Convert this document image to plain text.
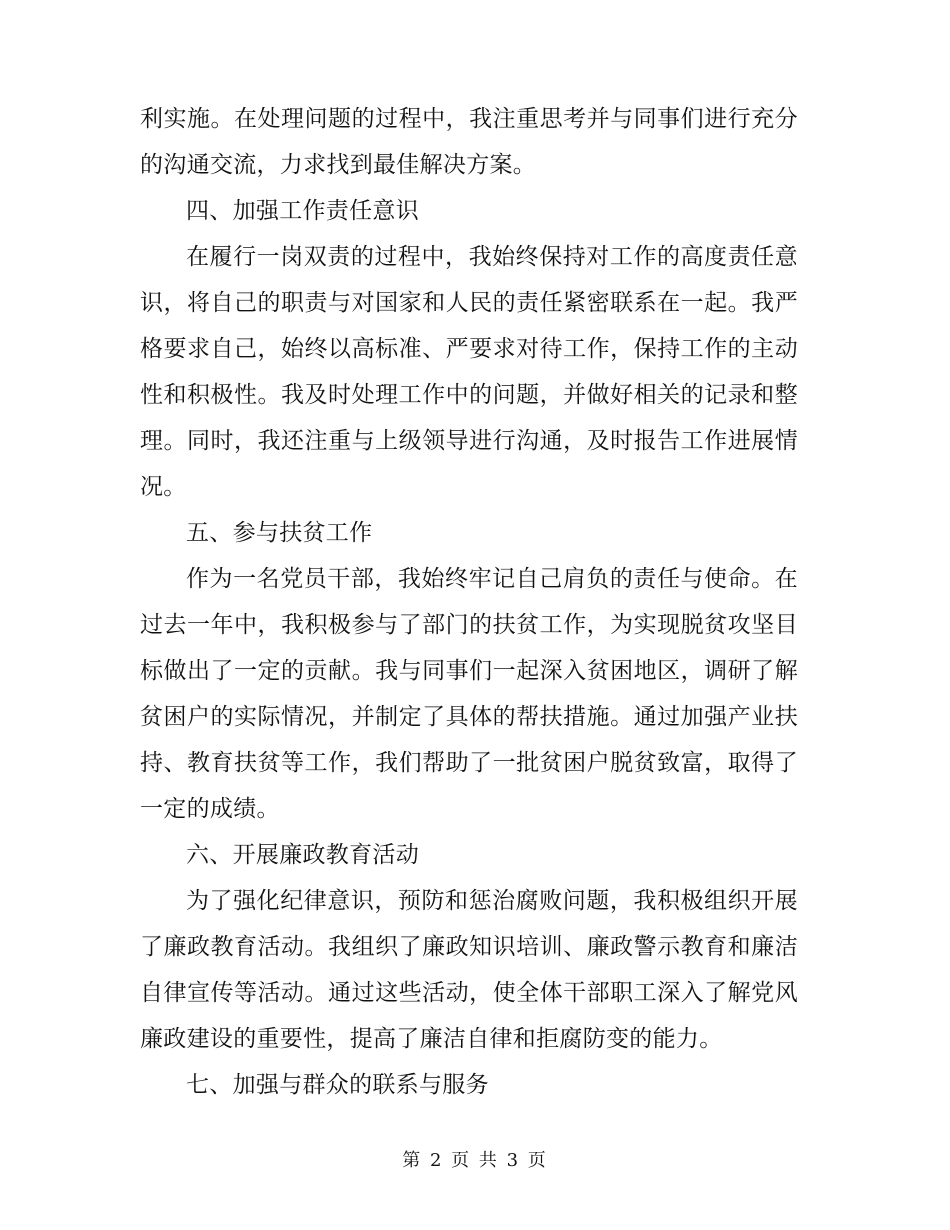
利实施。在处理问题的过程中，我注重思考并与同事们进行充分的沟通交流，力求找到最佳解决方案。

四、加强工作责任意识

在履行一岗双责的过程中，我始终保持对工作的高度责任意识，将自己的职责与对国家和人民的责任紧密联系在一起。我严格要求自己，始终以高标准、严要求对待工作，保持工作的主动性和积极性。我及时处理工作中的问题，并做好相关的记录和整理。同时，我还注重与上级领导进行沟通，及时报告工作进展情况。

五、参与扶贫工作

作为一名党员干部，我始终牢记自己肩负的责任与使命。在过去一年中，我积极参与了部门的扶贫工作，为实现脱贫攻坚目标做出了一定的贡献。我与同事们一起深入贫困地区，调研了解贫困户的实际情况，并制定了具体的帮扶措施。通过加强产业扶持、教育扶贫等工作，我们帮助了一批贫困户脱贫致富，取得了一定的成绩。

六、开展廉政教育活动

为了强化纪律意识，预防和惩治腐败问题，我积极组织开展了廉政教育活动。我组织了廉政知识培训、廉政警示教育和廉洁自律宣传等活动。通过这些活动，使全体干部职工深入了解党风廉政建设的重要性，提高了廉洁自律和拒腐防变的能力。

七、加强与群众的联系与服务

第 2 页 共 3 页
